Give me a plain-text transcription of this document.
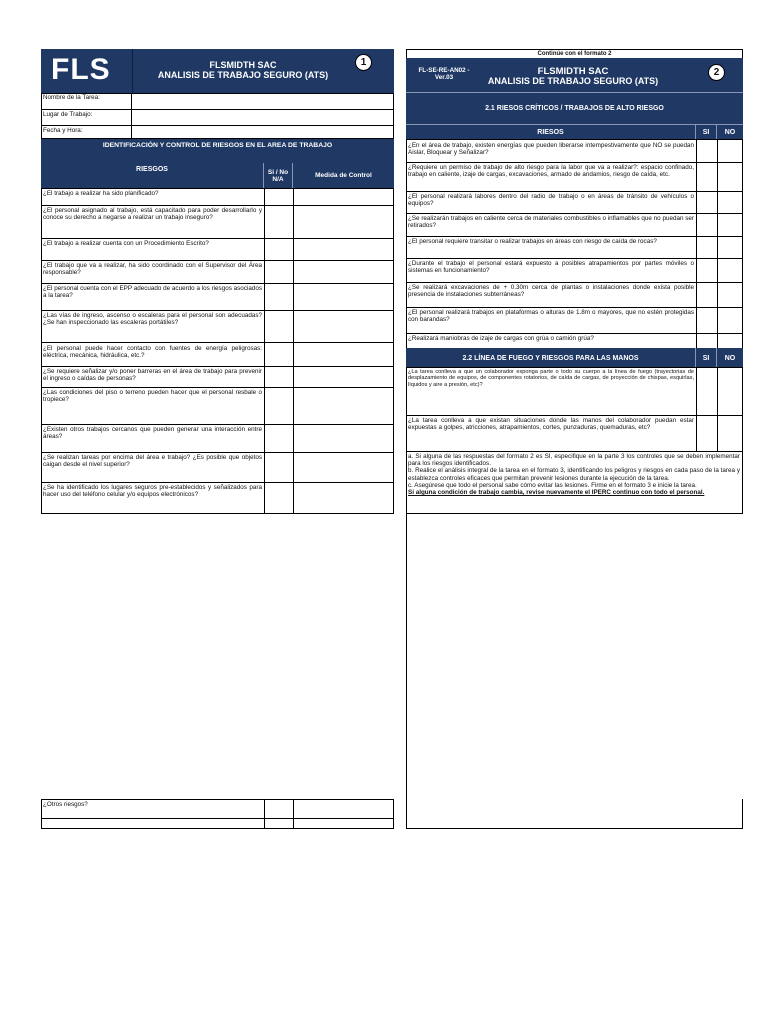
FLS	FLSMIDTH SAC
ANALISIS DE TRABAJO SEGURO (ATS)
1
Nombre de la Tarea:
Lugar de Trabajo:
Fecha y Hora:
IDENTIFICACIÓN Y CONTROL DE RIESGOS EN EL AREA DE TRABAJO
RIESGOS	Si / No N/A	Medida de Control
¿El trabajo a realizar ha sido planificado?
¿El personal asignado al trabajo, está capacitado para poder desarrollarlo y conoce su derecho a negarse a realizar un trabajo inseguro?
¿El trabajo a realizar cuenta con un Procedimiento Escrito?
¿El trabajo que va a realizar, ha sido coordinado con el Supervisor del Área responsable?
¿El personal cuenta con el EPP adecuado de acuerdo a los riesgos asociados a la tarea?
¿Las vías de ingreso, ascenso o escaleras para el personal son adecuadas? ¿Se han inspeccionado las escaleras portátiles?
¿El personal puede hacer contacto con fuentes de energía peligrosas: eléctrica, mecánica, hidráulica, etc.?
¿Se requiere señalizar y/o poner barreras en el área de trabajo para prevenir el ingreso o caídas de personas?
¿Las condiciones del piso o terreno pueden hacer que el personal resbale o tropiece?
¿Existen otros trabajos cercanos que pueden generar una interacción entre áreas?
¿Se realizan tareas por encima del área e trabajo? ¿Es posible que objetos caigan desde el nivel superior?
¿Se ha identificado los lugares seguros pre-establecidos y señalizados para hacer uso del teléfono celular y/o equipos electrónicos?
¿Otros riesgos?
Continúe con el formato 2
FL-SE-RE-AN02 - Ver.03
FLSMIDTH SAC
ANALISIS DE TRABAJO SEGURO (ATS)
2
2.1 RIESOS CRÍTICOS / TRABAJOS DE ALTO RIESGO
RIESOS	SI	NO
¿En el área de trabajo, existen energías que pueden liberarse intempestivamente que NO se puedan Aislar, Bloquear y Señalizar?
¿Requiere un permiso de trabajo de alto riesgo para la labor que va a realizar?: espacio confinado, trabajo en caliente, izaje de cargas, excavaciones, armado de andamios, riesgo de caída, etc.
¿El personal realizará labores dentro del radio de trabajo o en áreas de tránsito de vehículos o equipos?
¿Se realizarán trabajos en caliente cerca de materiales combustibles o inflamables que no puedan ser retirados?
¿El personal requiere transitar o realizar trabajos en áreas con riesgo de caída de rocas?
¿Durante el trabajo el personal estará expuesto a posibles atrapamientos por partes móviles o sistemas en funcionamiento?
¿Se realizará excavaciones de + 0.30m cerca de plantas o instalaciones donde exista posible presencia de instalaciones subterráneas?
¿El personal realizará trabajos en plataformas o alturas de 1.8m o mayores, que no estén protegidas con barandas?
¿Realizará maniobras de izaje de cargas con grúa o camión grúa?
2.2 LÍNEA DE FUEGO Y RIESGOS PARA LAS MANOS	SI	NO
¿La tarea conlleva a que un colaborador exponga parte o todo su cuerpo a la línea de fuego (trayectorias de desplazamiento de equipos, de componentes rotatorios, de caída de cargas, de proyección de chispas, esquirlas, líquidos y aire a presión, etc)?
¿La tarea conlleva a que existan situaciones donde las manos del colaborador puedan estar expuestas a golpes, atricciones, atrapamientos, cortes, punzaduras, quemaduras, etc?
a. Si alguna de las respuestas del formato 2 es SI, especifique en la parte 3 los controles que se deben implementar para los riesgos identificados.
b. Realice el análisis integral de la tarea en el formato 3, identificando los peligros y riesgos en cada paso de la tarea y establezca controles eficaces que permitan prevenir lesiones durante la ejecución de la tarea.
c. Asegúrese que todo el personal sabe cómo evitar las lesiones. Firme en el formato 3 e inicie la tarea.
Si alguna condición de trabajo cambia, revise nuevamente el IPERC continuo con todo el personal.
